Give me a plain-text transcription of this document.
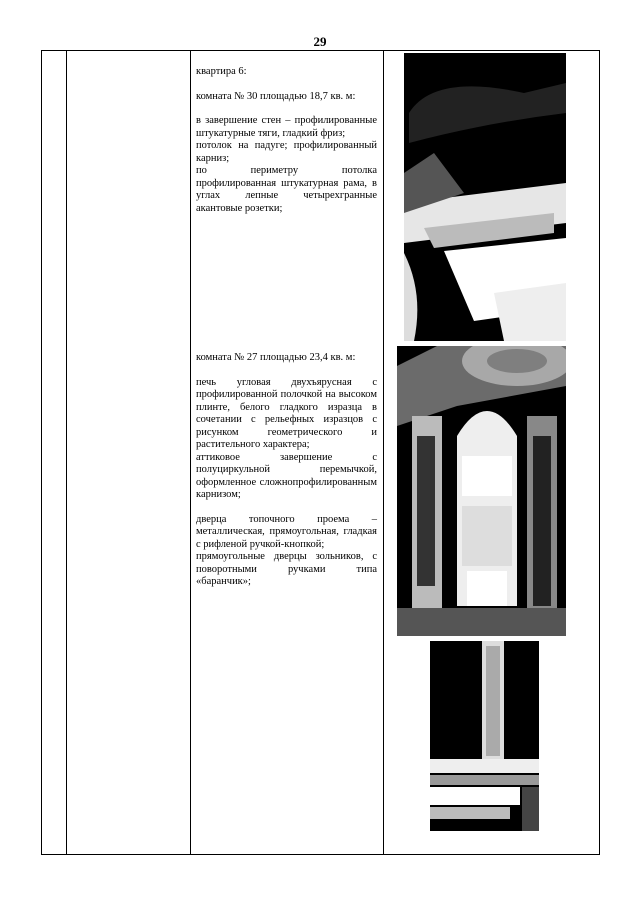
29

квартира 6:

комната № 30 площадью 18,7 кв. м:

в завершение стен – профилированные штукатурные тяги, гладкий фриз;

потолок на падуге; профилированный карниз;

по периметру потолка профилированная штукатурная рама, в углах лепные четырехгранные акантовые розетки;

комната № 27 площадью 23,4 кв. м:

печь угловая двухъярусная с профилированной полочкой на высоком плинте, белого гладкого изразца в сочетании с рельефных изразцов с рисунком геометрического и растительного характера;

аттиковое завершение с полуциркульной перемычкой, оформленное сложнопрофилированным карнизом;

дверца топочного проема – металлическая, прямоугольная, гладкая с рифленой ручкой-кнопкой;

прямоугольные дверцы зольников, с поворотными ручками типа «баранчик»;
